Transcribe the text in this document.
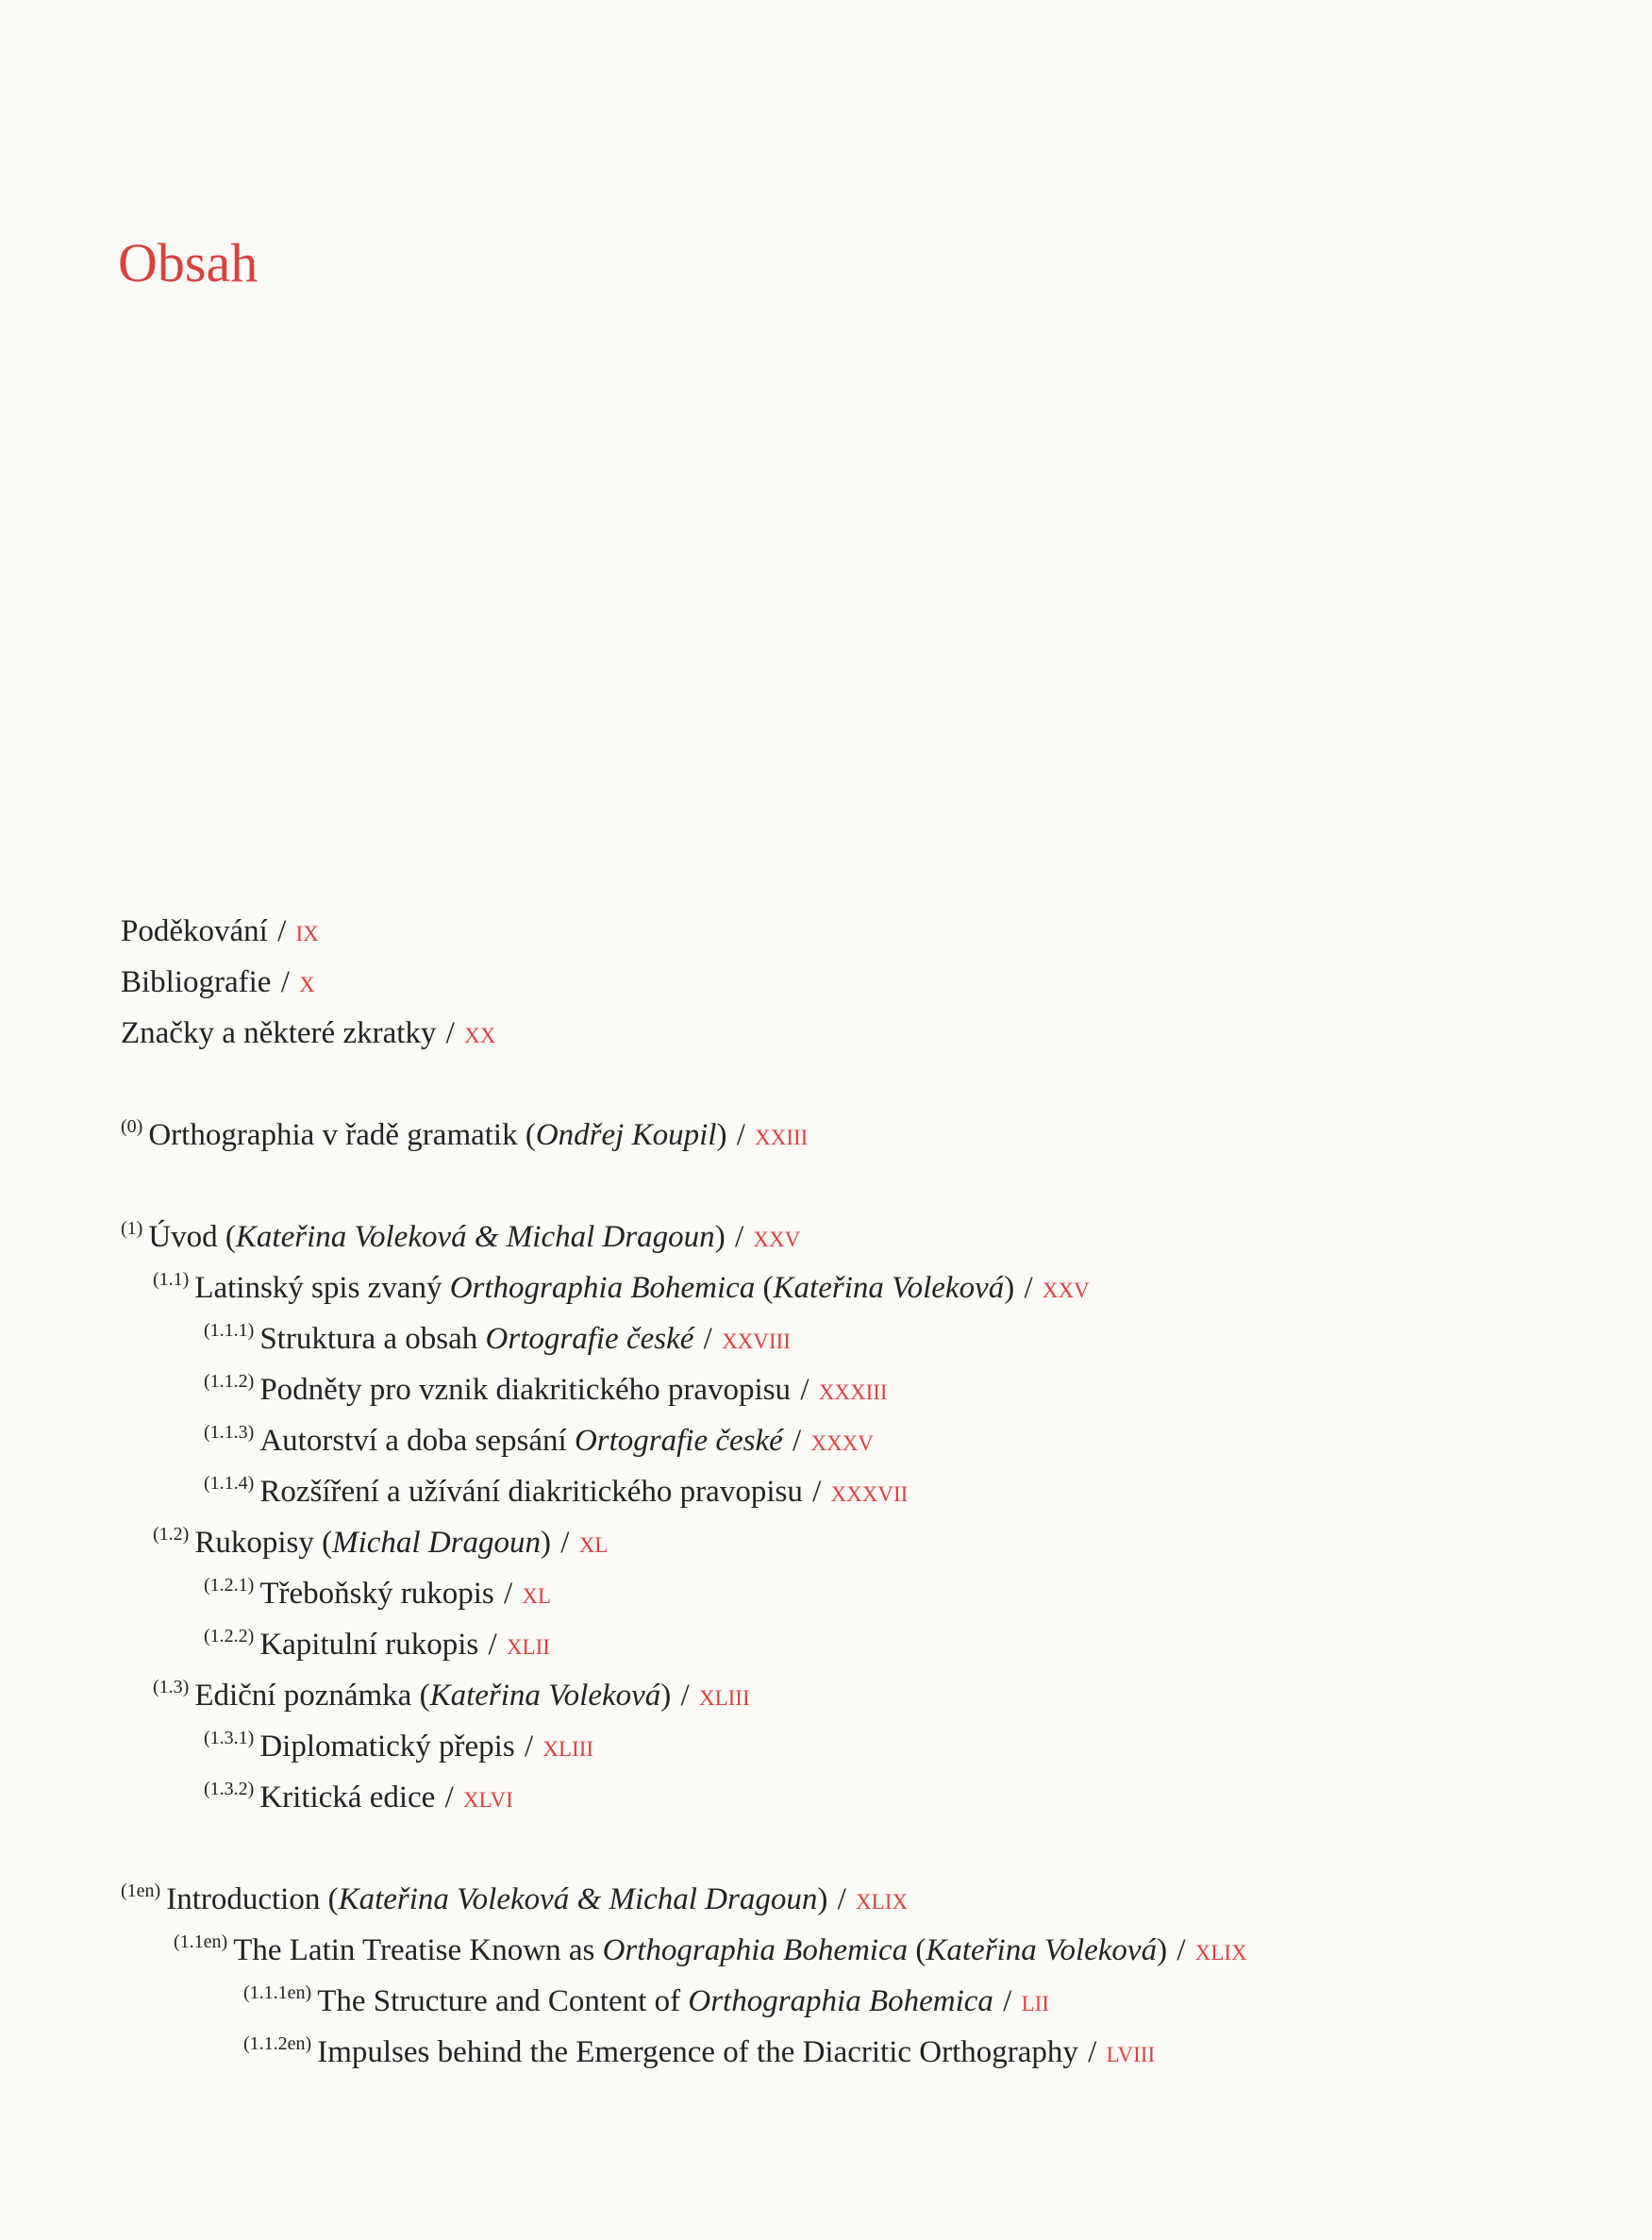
Obsah
Poděkování / ix
Bibliografie / x
Značky a některé zkratky / xx
$^{(0)}$ Orthographia v řadě gramatik (Ondřej Koupil) / xxiii
$^{(1)}$ Úvod (Kateřina Voleková & Michal Dragoun) / xxv
$^{(1.1)}$ Latinský spis zvaný Orthographia Bohemica (Kateřina Voleková) / xxv
$^{(1.1.1)}$ Struktura a obsah Ortografie české / xxviii
$^{(1.1.2)}$ Podněty pro vznik diakritického pravopisu / xxxiii
$^{(1.1.3)}$ Autorství a doba sepsání Ortografie české / xxxv
$^{(1.1.4)}$ Rozšíření a užívání diakritického pravopisu / xxxvii
$^{(1.2)}$ Rukopisy (Michal Dragoun) / xl
$^{(1.2.1)}$ Třeboňský rukopis / xl
$^{(1.2.2)}$ Kapitulní rukopis / xlii
$^{(1.3)}$ Ediční poznámka (Kateřina Voleková) / xliii
$^{(1.3.1)}$ Diplomatický přepis / xliii
$^{(1.3.2)}$ Kritická edice / xlvi
$^{(1en)}$ Introduction (Kateřina Voleková & Michal Dragoun) / xlix
$^{(1.1en)}$ The Latin Treatise Known as Orthographia Bohemica (Kateřina Voleková) / xlix
$^{(1.1.1en)}$ The Structure and Content of Orthographia Bohemica / lii
$^{(1.1.2en)}$ Impulses behind the Emergence of the Diacritic Orthography / lviii
